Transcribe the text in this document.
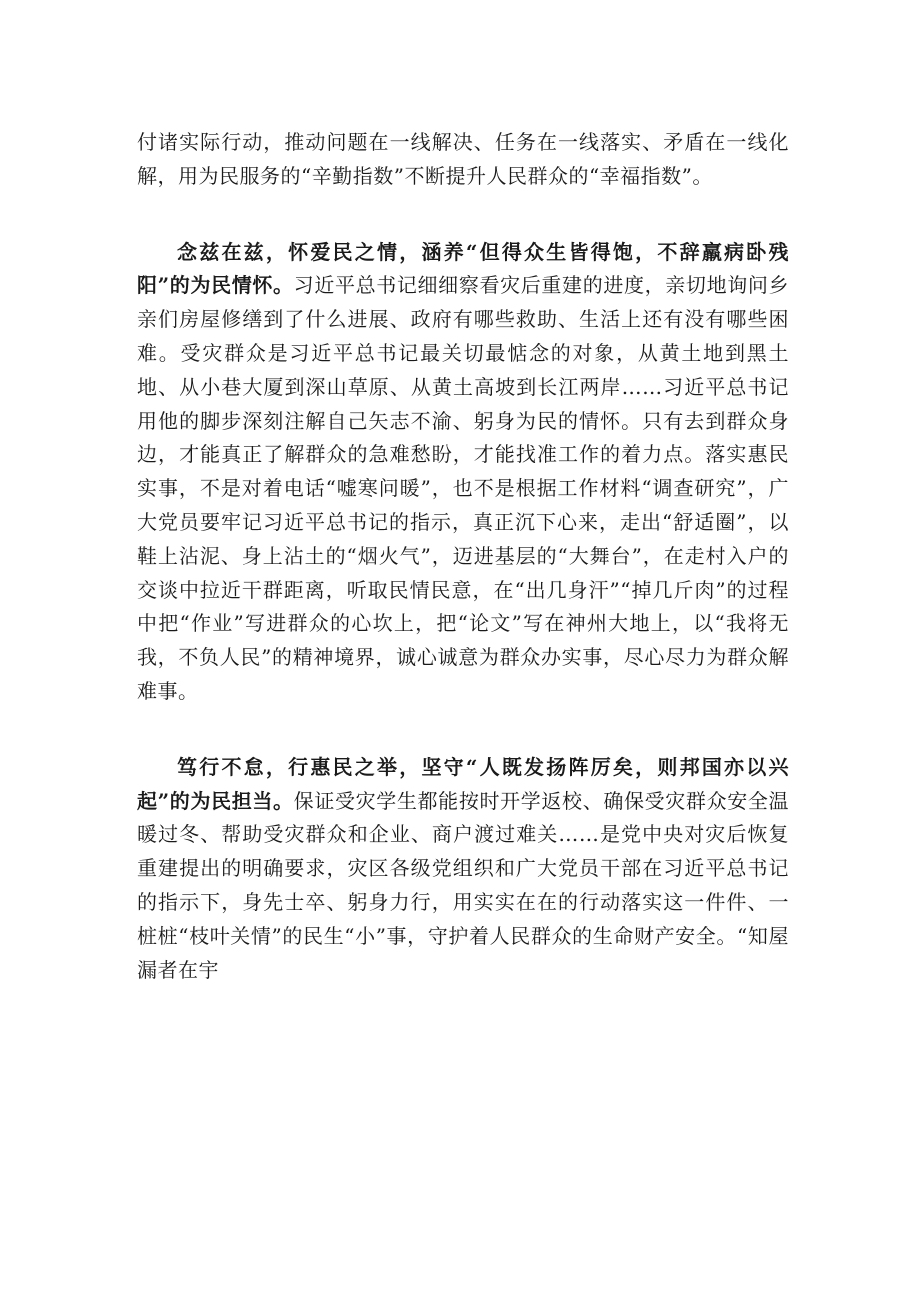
付诸实际行动，推动问题在一线解决、任务在一线落实、矛盾在一线化解，用为民服务的“辛勤指数”不断提升人民群众的“幸福指数”。

念兹在兹，怀爱民之情，涵养“但得众生皆得饱，不辞羸病卧残阳”的为民情怀。习近平总书记细细察看灾后重建的进度，亲切地询问乡亲们房屋修缮到了什么进展、政府有哪些救助、生活上还有没有哪些困难。受灾群众是习近平总书记最关切最惦念的对象，从黄土地到黑土地、从小巷大厦到深山草原、从黄土高坡到长江两岸……习近平总书记用他的脚步深刻注解自己矢志不渝、躬身为民的情怀。只有去到群众身边，才能真正了解群众的急难愁盼，才能找准工作的着力点。落实惠民实事，不是对着电话“嘘寒问暖”，也不是根据工作材料“调查研究”，广大党员要牢记习近平总书记的指示，真正沉下心来，走出“舒适圈”，以鞋上沾泥、身上沾土的“烟火气”，迈进基层的“大舞台”，在走村入户的交谈中拉近干群距离，听取民情民意，在“出几身汗”“掉几斤肉”的过程中把“作业”写进群众的心坎上，把“论文”写在神州大地上，以“我将无我，不负人民”的精神境界，诚心诚意为群众办实事，尽心尽力为群众解难事。

笃行不怠，行惠民之举，坚守“人既发扬阵厉矣，则邦国亦以兴起”的为民担当。保证受灾学生都能按时开学返校、确保受灾群众安全温暖过冬、帮助受灾群众和企业、商户渡过难关……是党中央对灾后恢复重建提出的明确要求，灾区各级党组织和广大党员干部在习近平总书记的指示下，身先士卒、躬身力行，用实实在在的行动落实这一件件、一桩桩“枝叶关情”的民生“小”事，守护着人民群众的生命财产安全。“知屋漏者在宇
